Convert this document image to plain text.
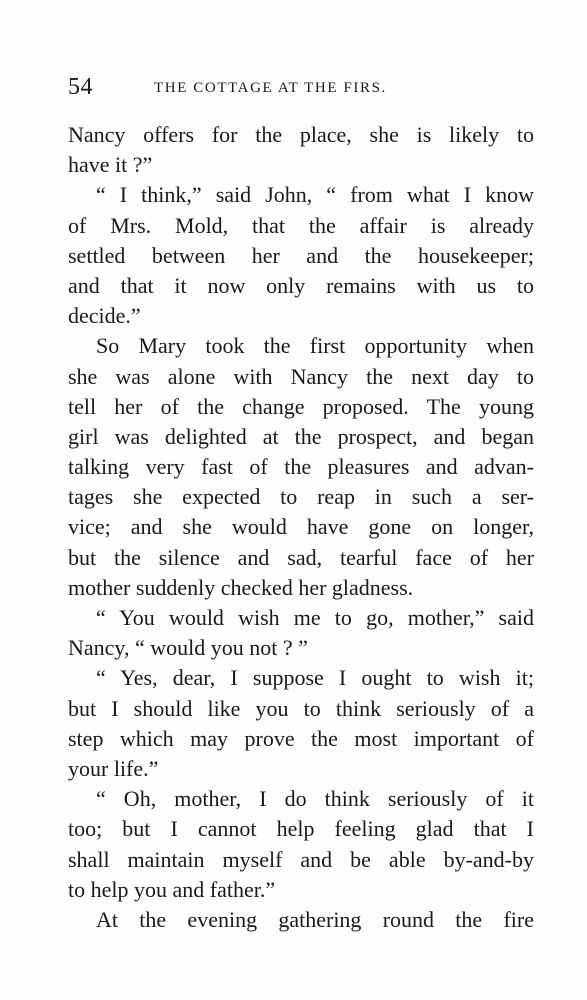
54	THE COTTAGE AT THE FIRS.
Nancy offers for the place, she is likely to
have it ?”
“ I think,” said John, “ from what I know
of Mrs. Mold, that the affair is already
settled between her and the housekeeper;
and that it now only remains with us to
decide.”
So Mary took the first opportunity when
she was alone with Nancy the next day to
tell her of the change proposed. The young
girl was delighted at the prospect, and began
talking very fast of the pleasures and advan-
tages she expected to reap in such a ser-
vice; and she would have gone on longer,
but the silence and sad, tearful face of her
mother suddenly checked her gladness.
“ You would wish me to go, mother,” said
Nancy, “ would you not ? ”
“ Yes, dear, I suppose I ought to wish it;
but I should like you to think seriously of a
step which may prove the most important of
your life.”
“ Oh, mother, I do think seriously of it
too; but I cannot help feeling glad that I
shall maintain myself and be able by-and-by
to help you and father.”
At the evening gathering round the fire
